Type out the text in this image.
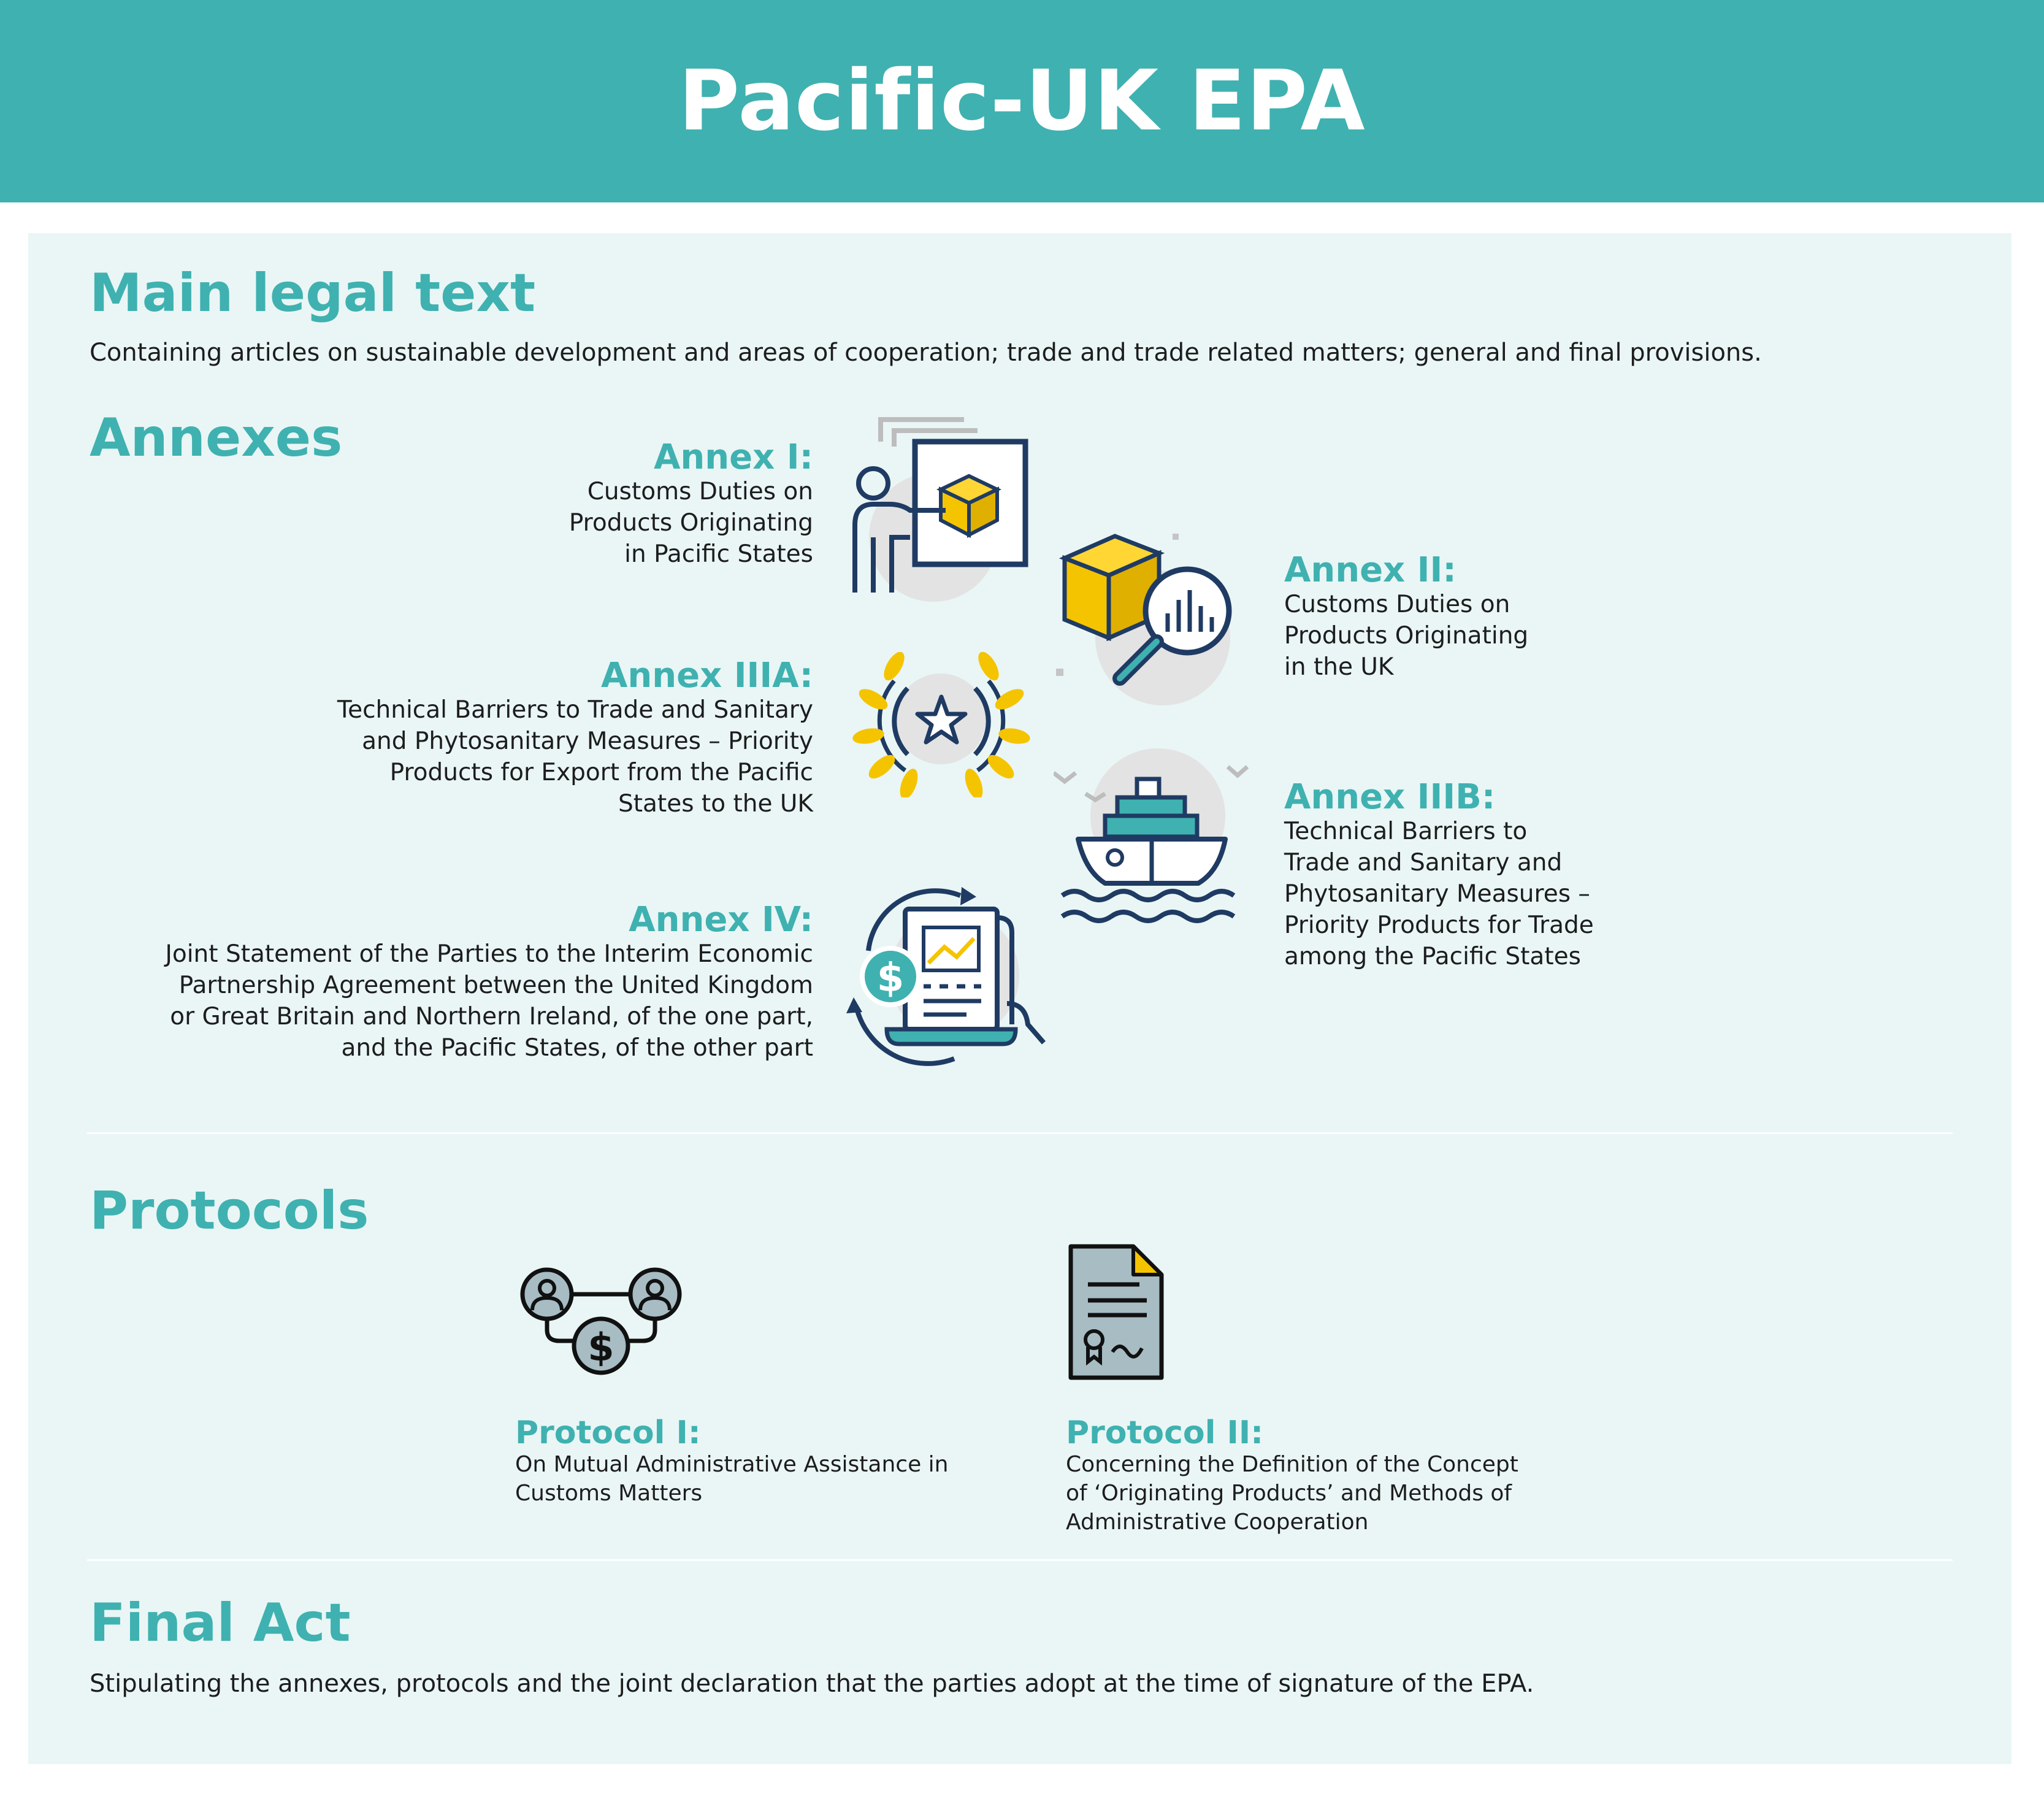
Pacific-UK EPA
Main legal text
Containing articles on sustainable development and areas of cooperation; trade and trade related matters; general and final provisions.
Annexes	Annex I:
Customs Duties on
Products Originating
in Pacific States	Annex II:
Customs Duties on
Products Originating
in the UK
Annex IIIA:
Technical Barriers to Trade and Sanitary
and Phytosanitary Measures – Priority
Products for Export from the Pacific
States to the UK	Annex IIIB:
Technical Barriers to
Trade and Sanitary and
Phytosanitary Measures –
Priority Products for Trade
among the Pacific States
Annex IV:
Joint Statement of the Parties to the Interim Economic
Partnership Agreement between the United Kingdom
or Great Britain and Northern Ireland, of the one part,
and the Pacific States, of the other part
$
Protocols
$
Protocol I:
On Mutual Administrative Assistance in
Customs Matters
Protocol II:
Concerning the Definition of the Concept
of ‘Originating Products’ and Methods of
Administrative Cooperation
Final Act
Stipulating the annexes, protocols and the joint declaration that the parties adopt at the time of signature of the EPA.
